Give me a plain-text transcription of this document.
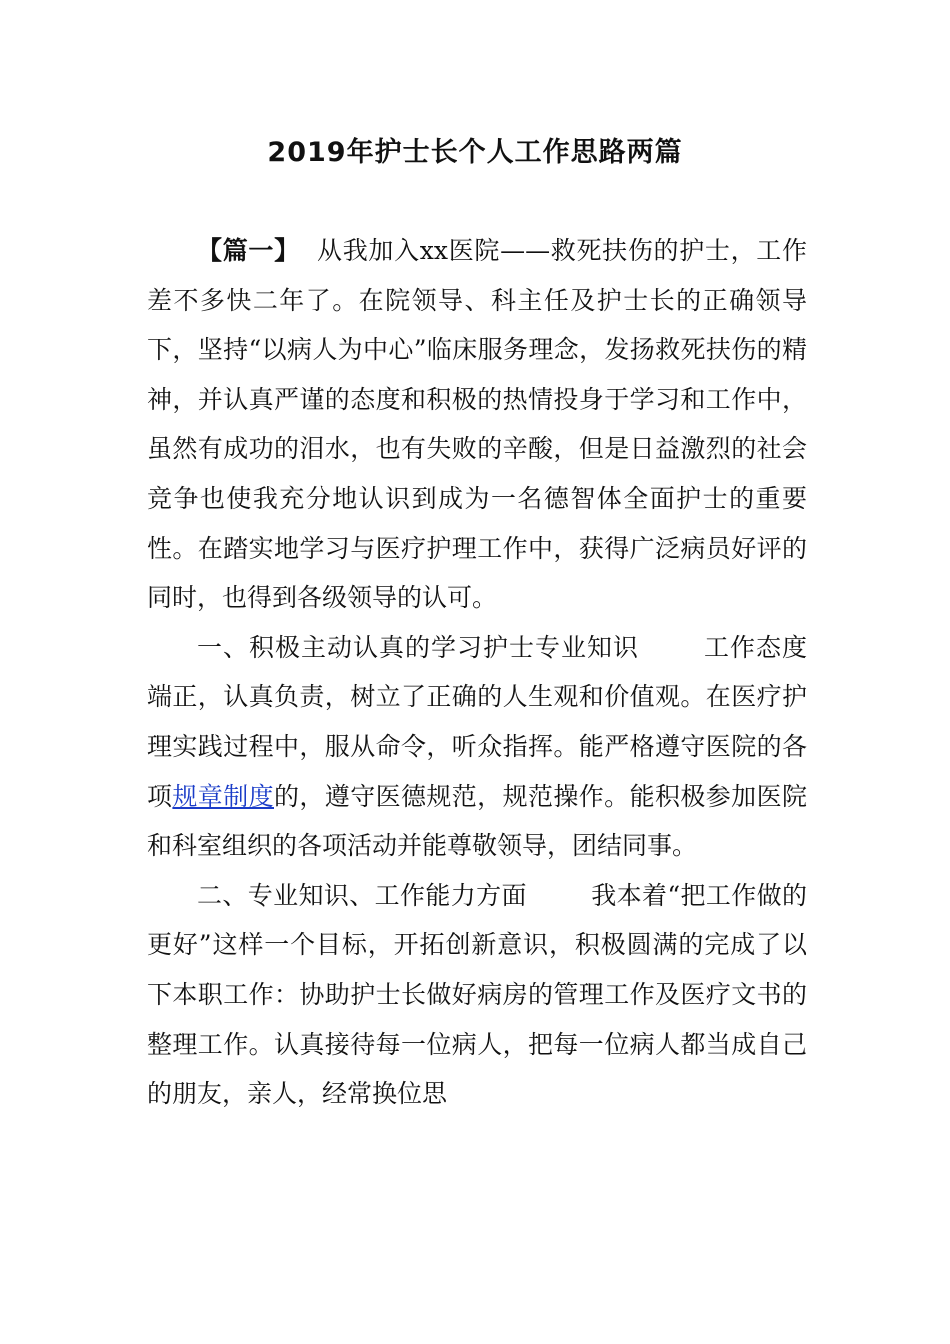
2019年护士长个人工作思路两篇

【篇一】 从我加入xx医院——救死扶伤的护士，工作差不多快二年了。在院领导、科主任及护士长的正确领导下，坚持“以病人为中心”临床服务理念，发扬救死扶伤的精神，并认真严谨的态度和积极的热情投身于学习和工作中，虽然有成功的泪水，也有失败的辛酸，但是日益激烈的社会竞争也使我充分地认识到成为一名德智体全面护士的重要性。在踏实地学习与医疗护理工作中，获得广泛病员好评的同时，也得到各级领导的认可。

一、积极主动认真的学习护士专业知识	工作态度端正，认真负责，树立了正确的人生观和价值观。在医疗护理实践过程中，服从命令，听众指挥。能严格遵守医院的各项规章制度的，遵守医德规范，规范操作。能积极参加医院和科室组织的各项活动并能尊敬领导，团结同事。

二、专业知识、工作能力方面	我本着“把工作做的更好”这样一个目标，开拓创新意识，积极圆满的完成了以下本职工作：协助护士长做好病房的管理工作及医疗文书的整理工作。认真接待每一位病人，把每一位病人都当成自己的朋友，亲人，经常换位思
